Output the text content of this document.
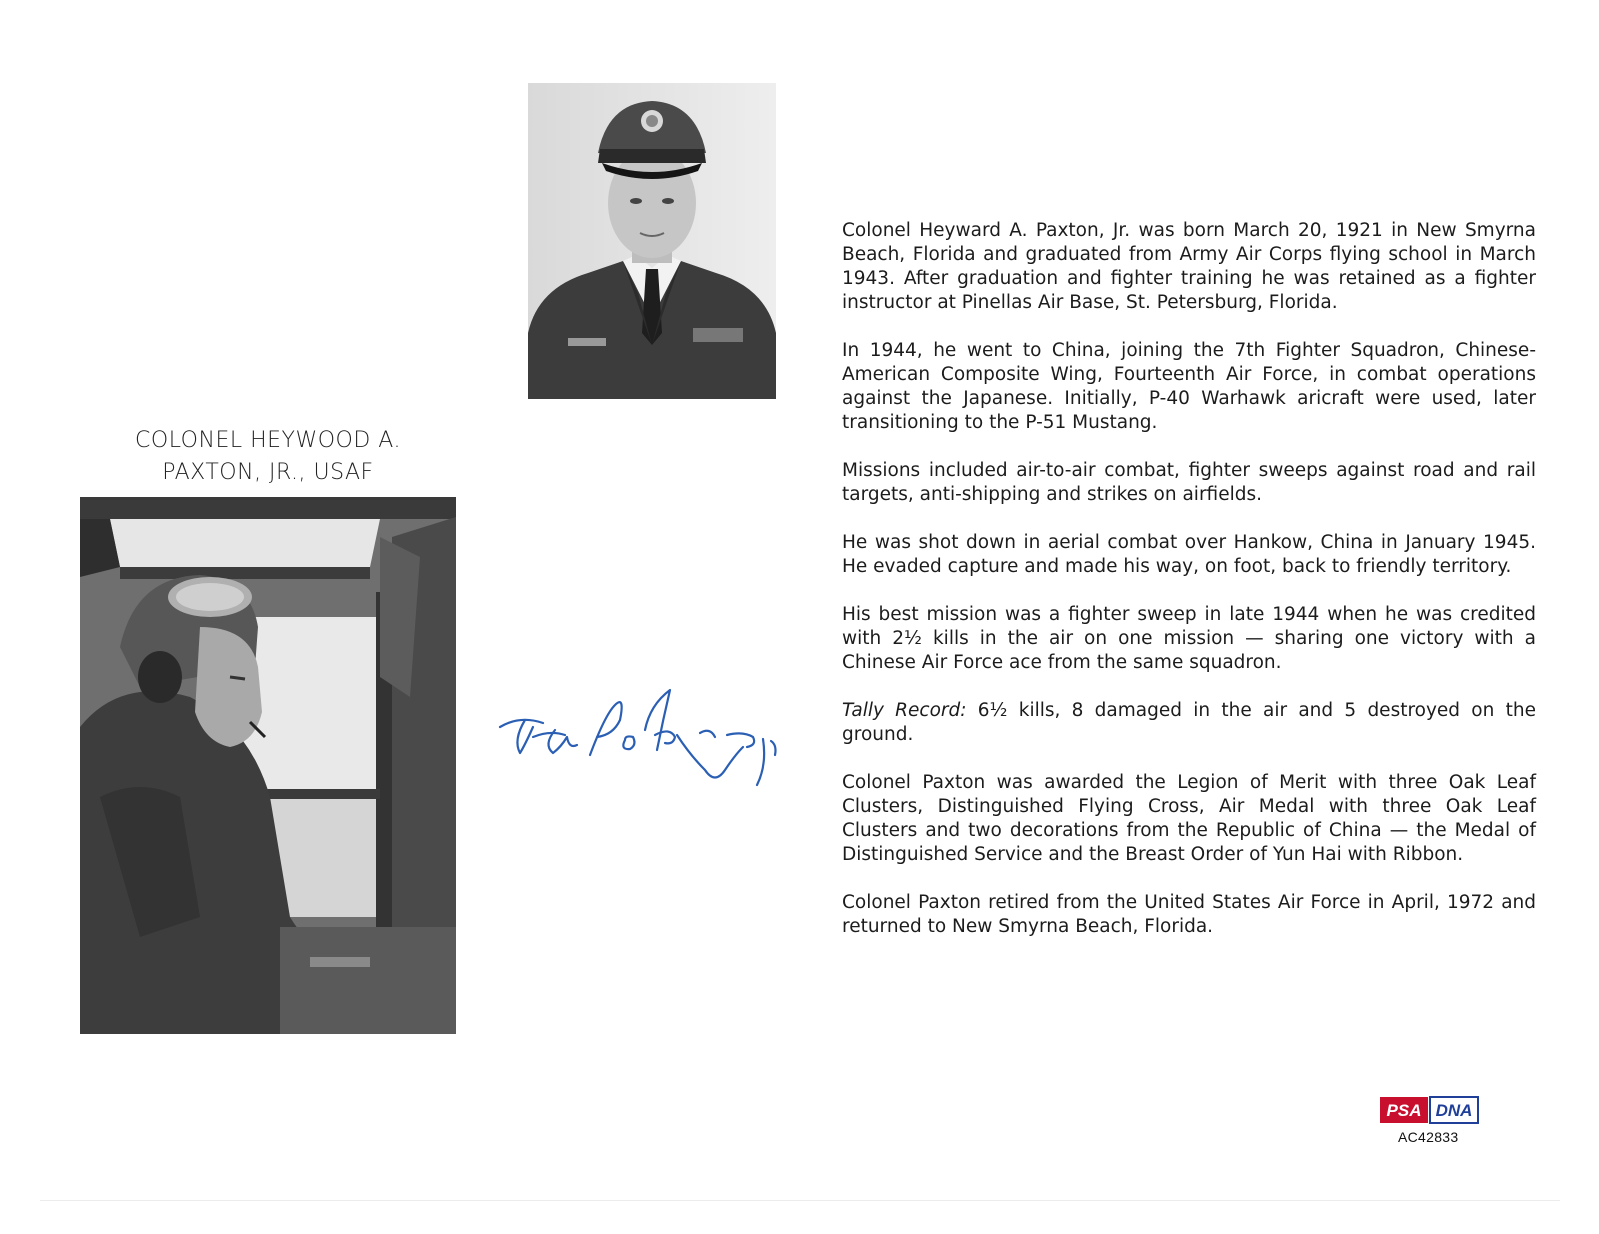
COLONEL HEYWOOD A.
PAXTON, JR., USAF
H A Paxton Jr

Colonel Heyward A. Paxton, Jr. was born March 20, 1921 in New Smyrna Beach, Florida and graduated from Army Air Corps flying school in March 1943. After graduation and fighter training he was retained as a fighter instructor at Pinellas Air Base, St. Petersburg, Florida.

In 1944, he went to China, joining the 7th Fighter Squadron, Chinese-American Composite Wing, Fourteenth Air Force, in combat operations against the Japanese. Initially, P-40 Warhawk aricraft were used, later transitioning to the P-51 Mustang.

Missions included air-to-air combat, fighter sweeps against road and rail targets, anti-shipping and strikes on airfields.

He was shot down in aerial combat over Hankow, China in January 1945. He evaded capture and made his way, on foot, back to friendly territory.

His best mission was a fighter sweep in late 1944 when he was credited with 2½ kills in the air on one mission — sharing one victory with a Chinese Air Force ace from the same squadron.

Tally Record: 6½ kills, 8 damaged in the air and 5 destroyed on the ground.

Colonel Paxton was awarded the Legion of Merit with three Oak Leaf Clusters, Distinguished Flying Cross, Air Medal with three Oak Leaf Clusters and two decorations from the Republic of China — the Medal of Distinguished Service and the Breast Order of Yun Hai with Ribbon.

Colonel Paxton retired from the United States Air Force in April, 1972 and returned to New Smyrna Beach, Florida.

PSA DNA
AC42833
